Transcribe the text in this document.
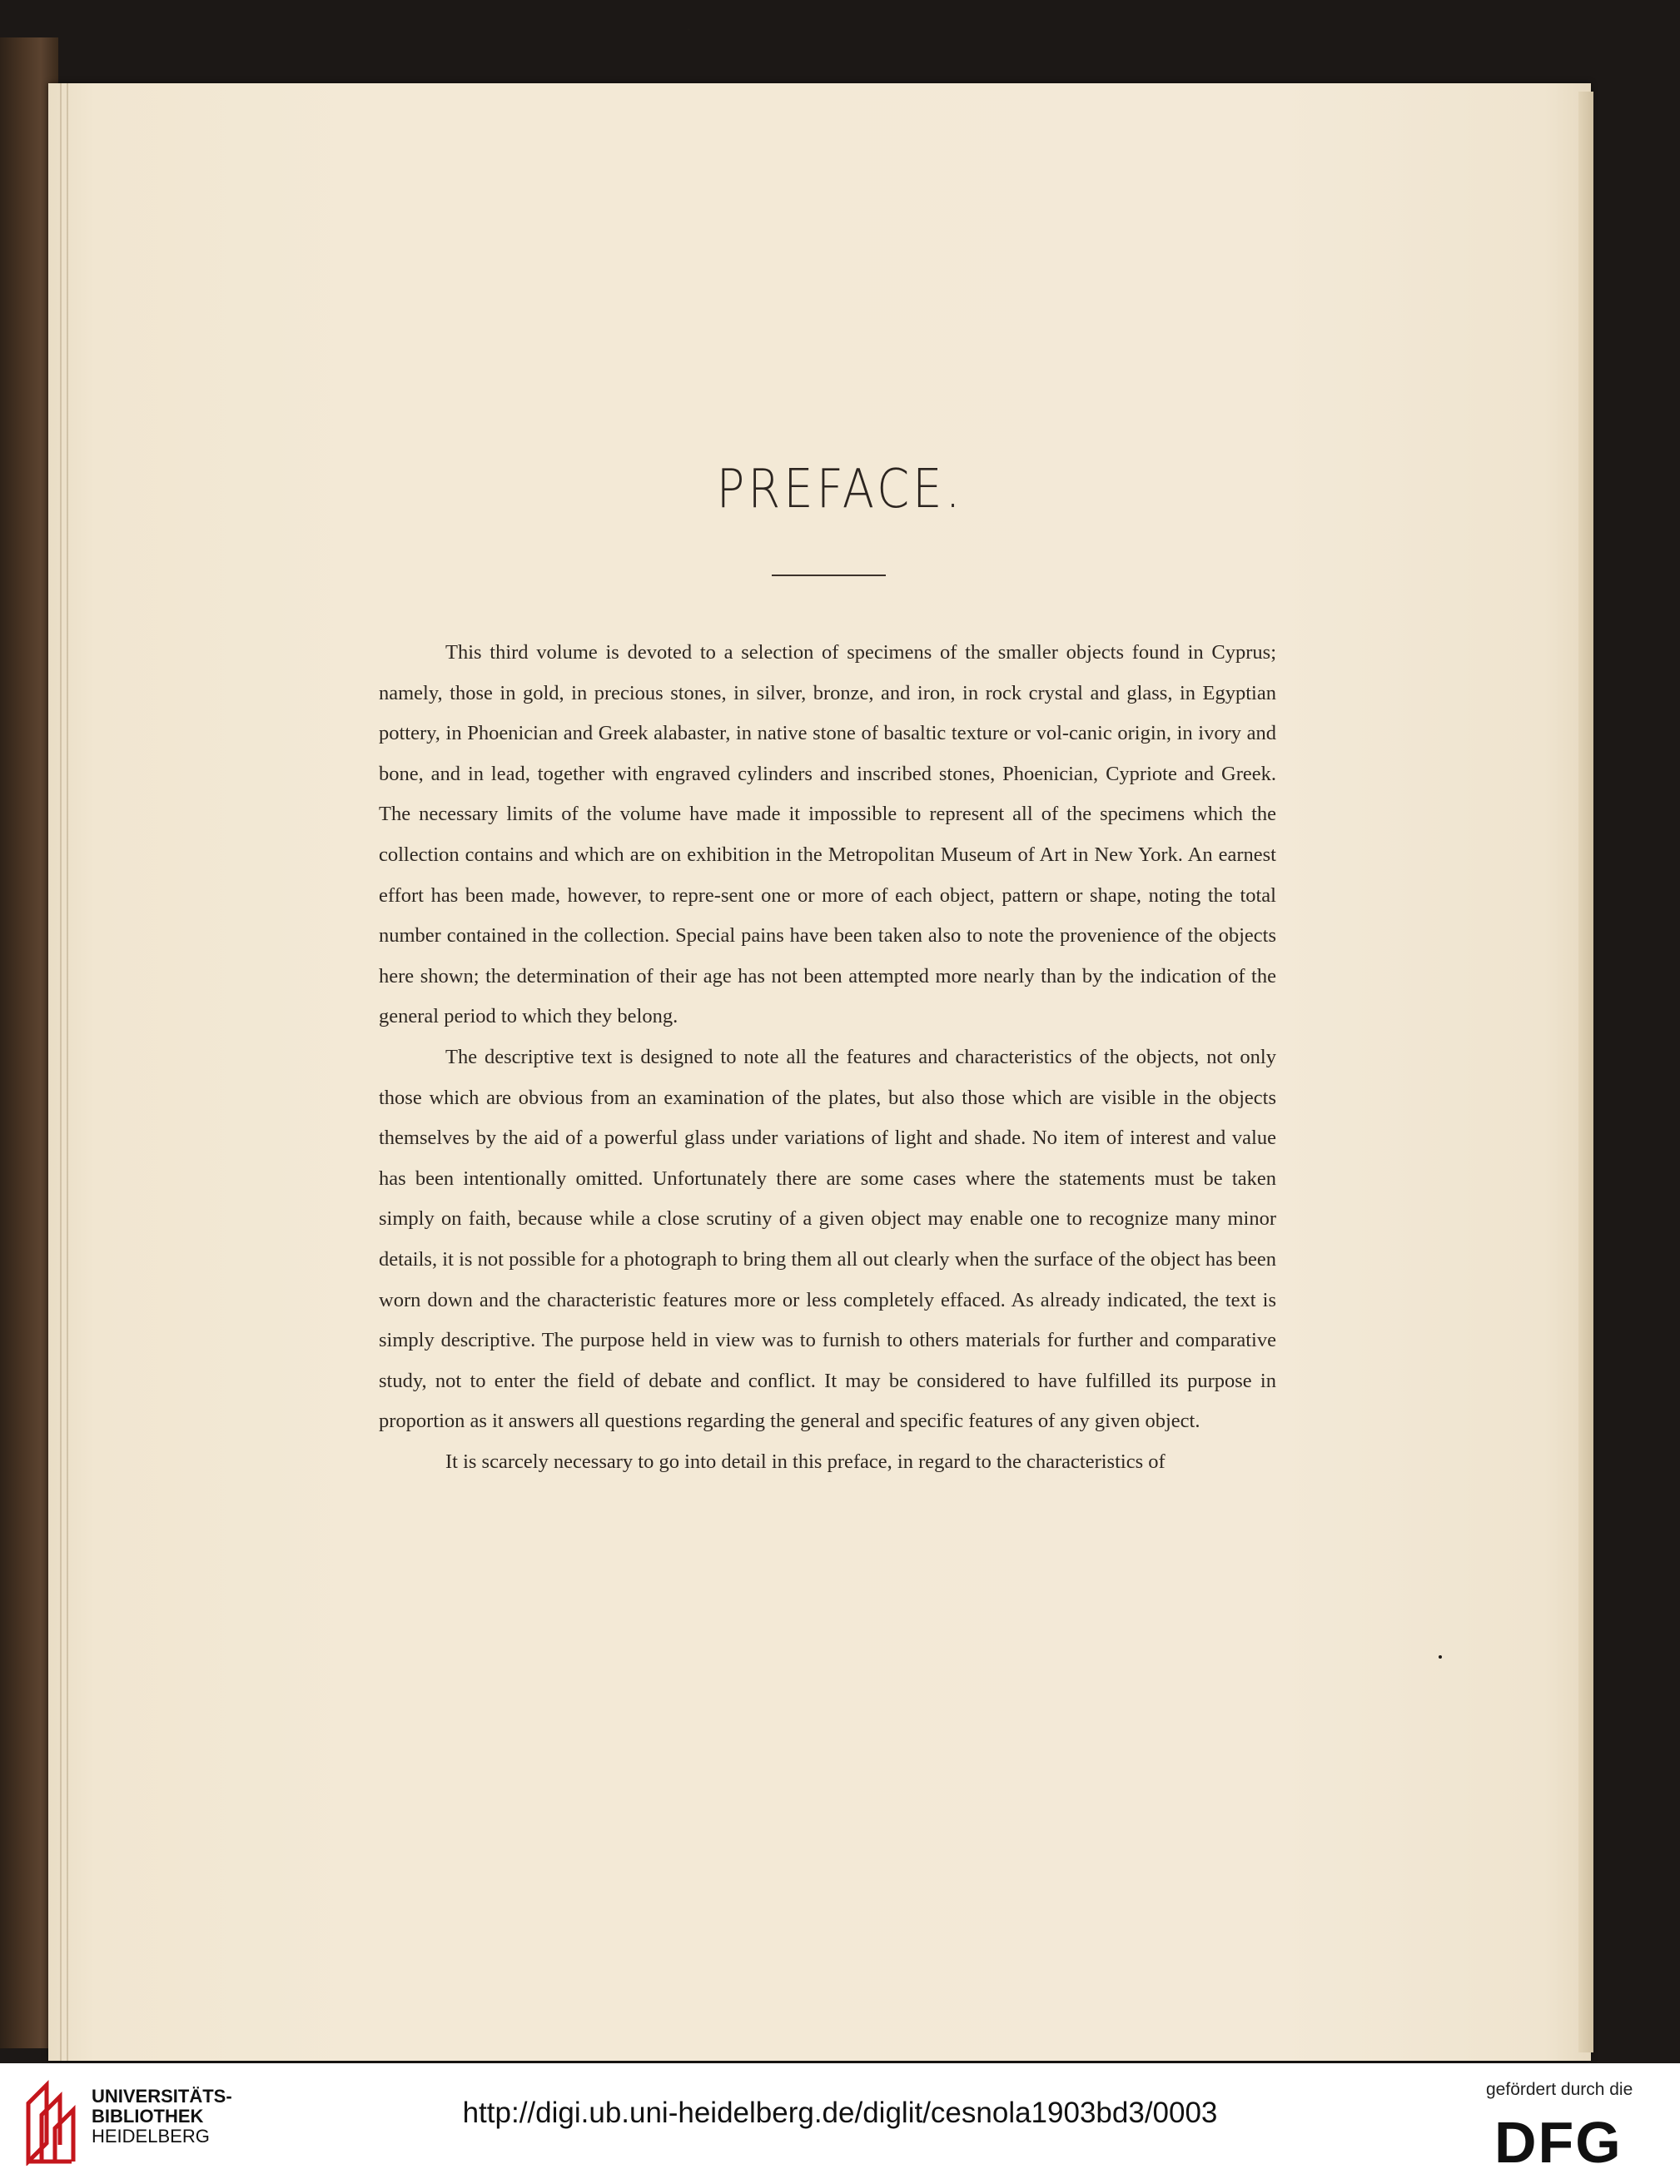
PREFACE.

This third volume is devoted to a selection of specimens of the smaller objects found in Cyprus; namely, those in gold, in precious stones, in silver, bronze, and iron, in rock crystal and glass, in Egyptian pottery, in Phoenician and Greek alabaster, in native stone of basaltic texture or vol-canic origin, in ivory and bone, and in lead, together with engraved cylinders and inscribed stones, Phoenician, Cypriote and Greek. The necessary limits of the volume have made it impossible to represent all of the specimens which the collection contains and which are on exhibition in the Metropolitan Museum of Art in New York. An earnest effort has been made, however, to repre-sent one or more of each object, pattern or shape, noting the total number contained in the collection. Special pains have been taken also to note the provenience of the objects here shown; the determination of their age has not been attempted more nearly than by the indication of the general period to which they belong.

The descriptive text is designed to note all the features and characteristics of the objects, not only those which are obvious from an examination of the plates, but also those which are visible in the objects themselves by the aid of a powerful glass under variations of light and shade. No item of interest and value has been intentionally omitted. Unfortunately there are some cases where the statements must be taken simply on faith, because while a close scrutiny of a given object may enable one to recognize many minor details, it is not possible for a photograph to bring them all out clearly when the surface of the object has been worn down and the characteristic features more or less completely effaced. As already indicated, the text is simply descriptive. The purpose held in view was to furnish to others materials for further and comparative study, not to enter the field of debate and conflict. It may be considered to have fulfilled its purpose in proportion as it answers all questions regarding the general and specific features of any given object.

It is scarcely necessary to go into detail in this preface, in regard to the characteristics of

UNIVERSITÄTS-
BIBLIOTHEK
HEIDELBERG
http://digi.ub.uni-heidelberg.de/diglit/cesnola1903bd3/0003
gefördert durch die
DFG
